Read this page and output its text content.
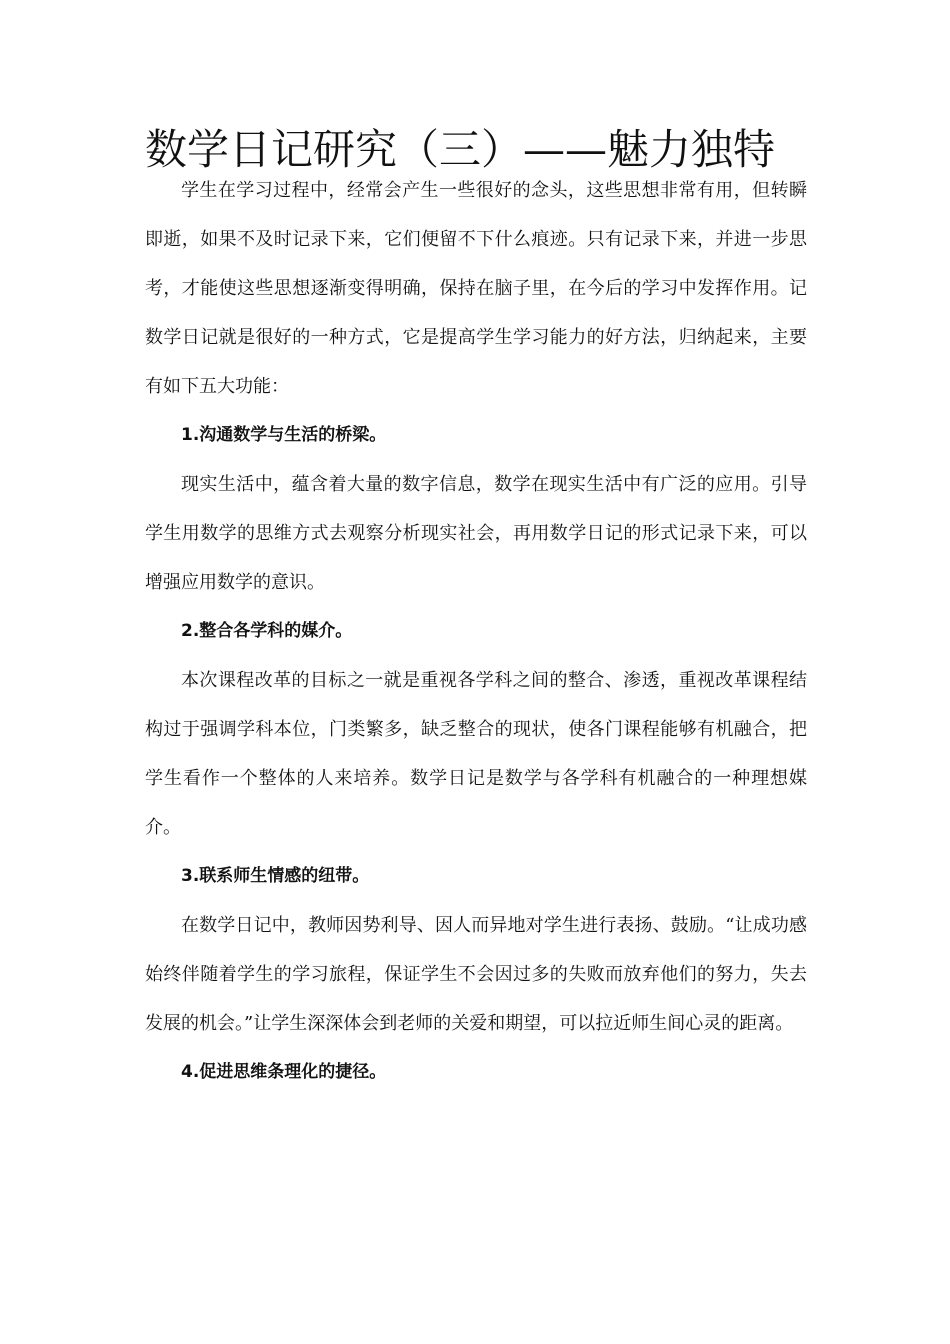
数学日记研究（三）——魅力独特

学生在学习过程中，经常会产生一些很好的念头，这些思想非常有用，但转瞬即逝，如果不及时记录下来，它们便留不下什么痕迹。只有记录下来，并进一步思考，才能使这些思想逐渐变得明确，保持在脑子里，在今后的学习中发挥作用。记数学日记就是很好的一种方式，它是提高学生学习能力的好方法，归纳起来，主要有如下五大功能：

1.沟通数学与生活的桥梁。

现实生活中，蕴含着大量的数字信息，数学在现实生活中有广泛的应用。引导学生用数学的思维方式去观察分析现实社会，再用数学日记的形式记录下来，可以增强应用数学的意识。

2.整合各学科的媒介。

本次课程改革的目标之一就是重视各学科之间的整合、渗透，重视改革课程结构过于强调学科本位，门类繁多，缺乏整合的现状，使各门课程能够有机融合，把学生看作一个整体的人来培养。数学日记是数学与各学科有机融合的一种理想媒介。

3.联系师生情感的纽带。

在数学日记中，教师因势利导、因人而异地对学生进行表扬、鼓励。“让成功感始终伴随着学生的学习旅程，保证学生不会因过多的失败而放弃他们的努力，失去发展的机会。”让学生深深体会到老师的关爱和期望，可以拉近师生间心灵的距离。

4.促进思维条理化的捷径。
